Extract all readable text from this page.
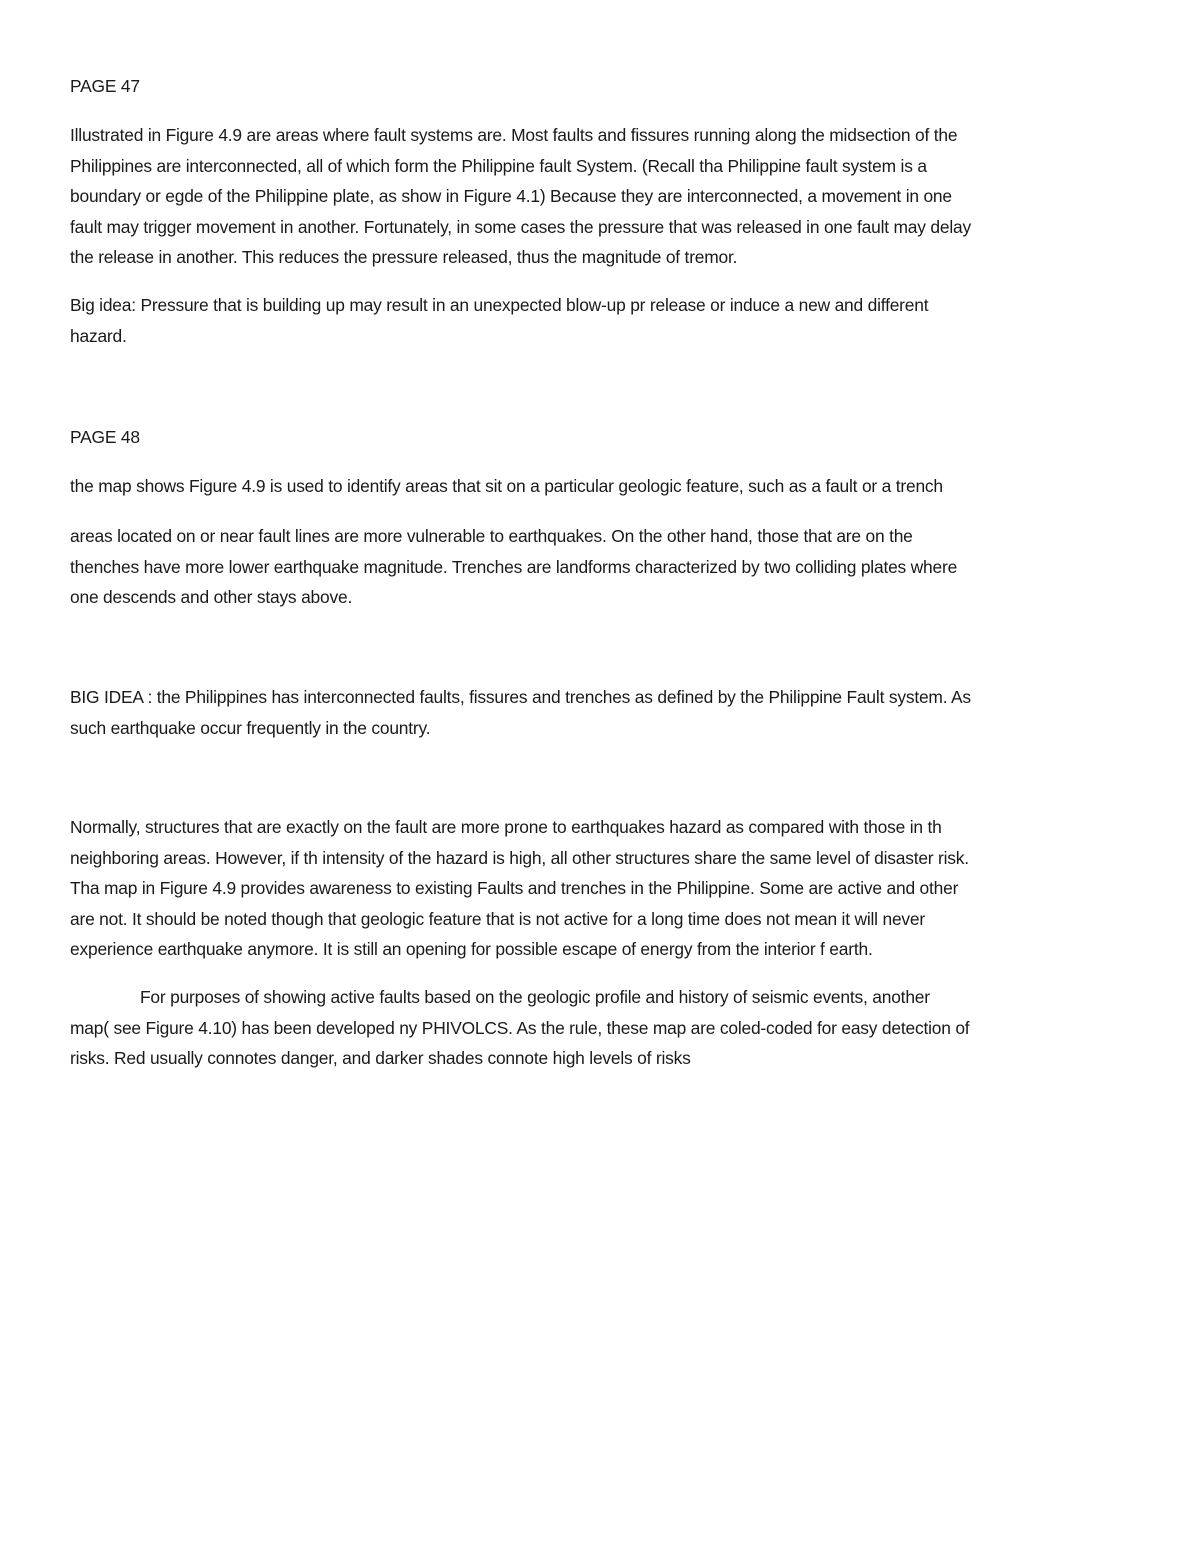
PAGE 47
Illustrated in Figure 4.9 are areas where fault systems are. Most faults and fissures running along the midsection of the
Philippines are interconnected, all of which form the Philippine fault System. (Recall tha Philippine fault system is a
boundary or egde of the Philippine plate, as show in Figure 4.1) Because they are interconnected, a movement in one
fault may trigger movement in another. Fortunately, in some cases the pressure that was released in one fault may delay
the release in another. This reduces the pressure released, thus the magnitude of tremor.
Big idea: Pressure that is building up may result in an unexpected blow-up pr release or induce a new and different
hazard.
PAGE 48
the map shows Figure 4.9 is used to identify areas that sit on a particular geologic feature, such as a fault or a trench
areas located on or near fault lines are more vulnerable to earthquakes. On the other hand, those that are on the
thenches have more lower earthquake magnitude. Trenches are landforms characterized by two colliding plates where
one descends and other stays above.
BIG IDEA : the Philippines has interconnected faults, fissures and trenches as defined by the Philippine Fault system. As
such earthquake occur frequently in the country.
Normally, structures that are exactly on the fault are more prone to earthquakes hazard as compared with those in th
neighboring areas. However, if th intensity of the hazard is high, all other structures share the same level of disaster risk.
Tha map in Figure 4.9 provides awareness to existing Faults and trenches in the Philippine. Some are active and other
are not. It should be noted though that geologic feature that is not active for a long time does not mean it will never
experience earthquake anymore. It is still an opening for possible escape of energy from the interior f earth.
For purposes of showing active faults based on the geologic profile and history of seismic events, another
map( see Figure 4.10) has been developed ny PHIVOLCS. As the rule, these map are coled-coded for easy detection of
risks. Red usually connotes danger, and darker shades connote high levels of risks
